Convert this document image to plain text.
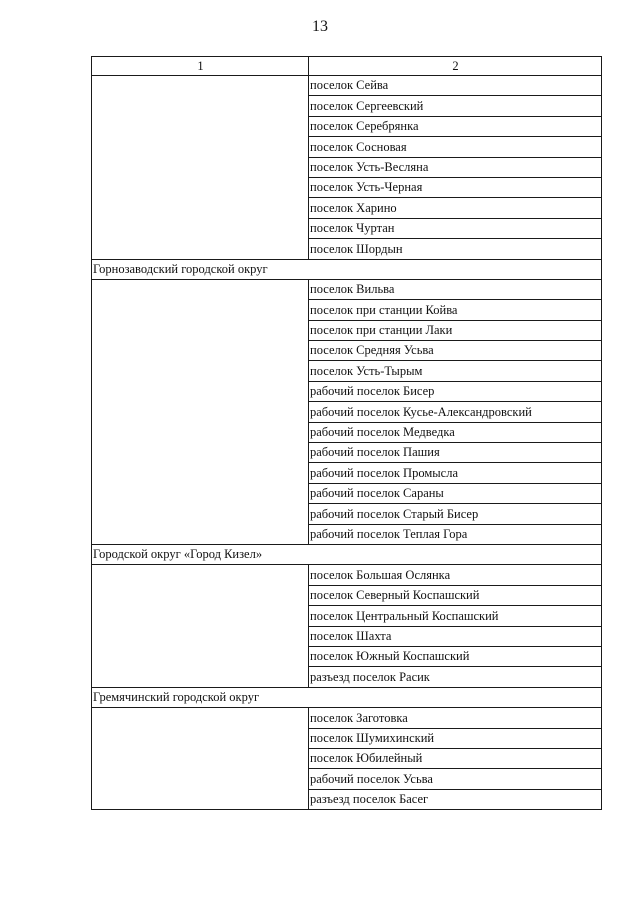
13
1	2
	поселок Сейва
	поселок Сергеевский
	поселок Серебрянка
	поселок Сосновая
	поселок Усть-Весляна
	поселок Усть-Черная
	поселок Харино
	поселок Чуртан
	поселок Шордын
Горнозаводский городской округ	
	поселок Вильва
	поселок при станции Койва
	поселок при станции Лаки
	поселок Средняя Усьва
	поселок Усть-Тырым
	рабочий поселок Бисер
	рабочий поселок Кусье-Александровский
	рабочий поселок Медведка
	рабочий поселок Пашия
	рабочий поселок Промысла
	рабочий поселок Сараны
	рабочий поселок Старый Бисер
	рабочий поселок Теплая Гора
Городской округ «Город Кизел»	
	поселок Большая Ослянка
	поселок Северный Коспашский
	поселок Центральный Коспашский
	поселок Шахта
	поселок Южный Коспашский
	разъезд поселок Расик
Гремячинский городской округ	
	поселок Заготовка
	поселок Шумихинский
	поселок Юбилейный
	рабочий поселок Усьва
	разъезд поселок Басег
